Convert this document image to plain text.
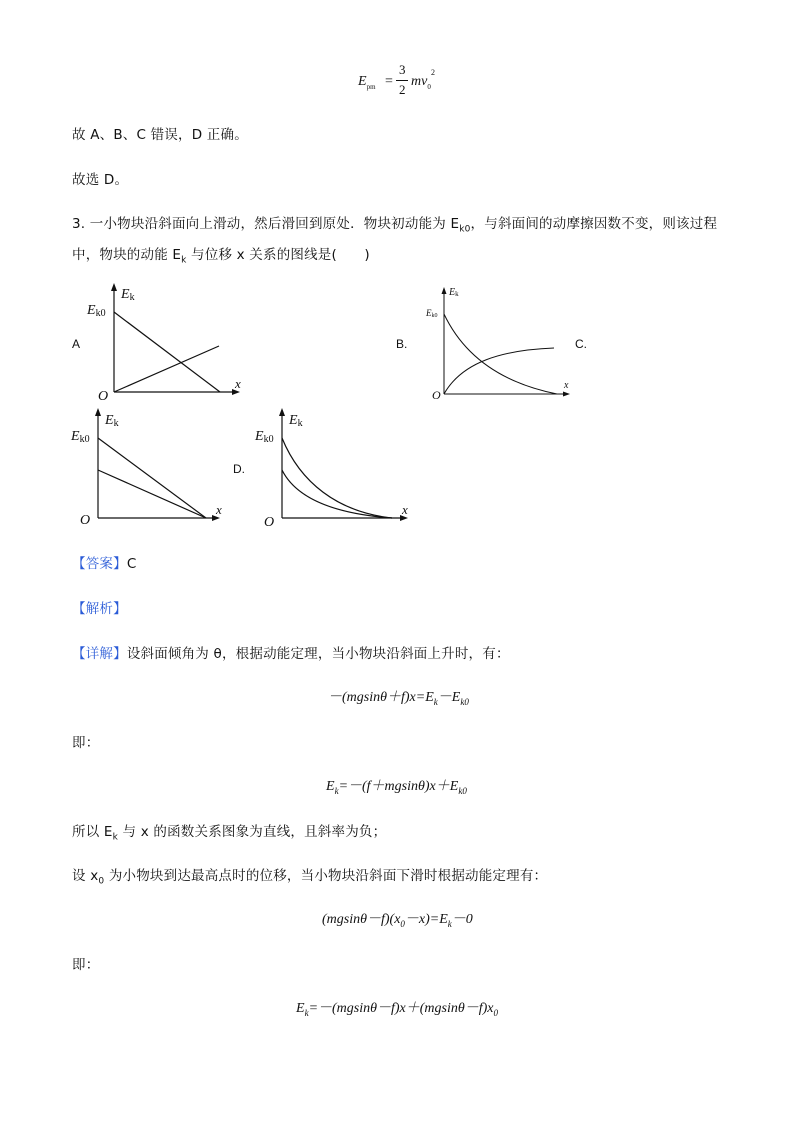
$E_{pm}$ =
3
2
$mv_0$
2
故 A、B、C 错误，D 正确。
故选 D。
3. 一小物块沿斜面向上滑动，然后滑回到原处．物块初动能为 $E_{k0}$，与斜面间的动摩擦因数不变，则该过程
中，物块的动能 $E_k$ 与位移 x 关系的图线是(　　)
A
Ek
Ek0
O
x
B.
Ek
Ek0
O
x
C.
Ek
Ek0
O
x
D.
Ek
Ek0
O
x
【答案】C
【解析】
【详解】设斜面倾角为 θ，根据动能定理，当小物块沿斜面上升时，有：
$-(mgsin\theta+f)x=E_k-E_{k0}$
即：
$E_k=-(f+mgsin\theta)x+E_{k0}$
所以 $E_k$ 与 x 的函数关系图象为直线，且斜率为负；
设 $x_0$ 为小物块到达最高点时的位移，当小物块沿斜面下滑时根据动能定理有：
$(mgsin\theta-f)(x_0-x)=E_k-0$
即：
$E_k=-(mgsin\theta-f)x+(mgsin\theta-f)x_0$
